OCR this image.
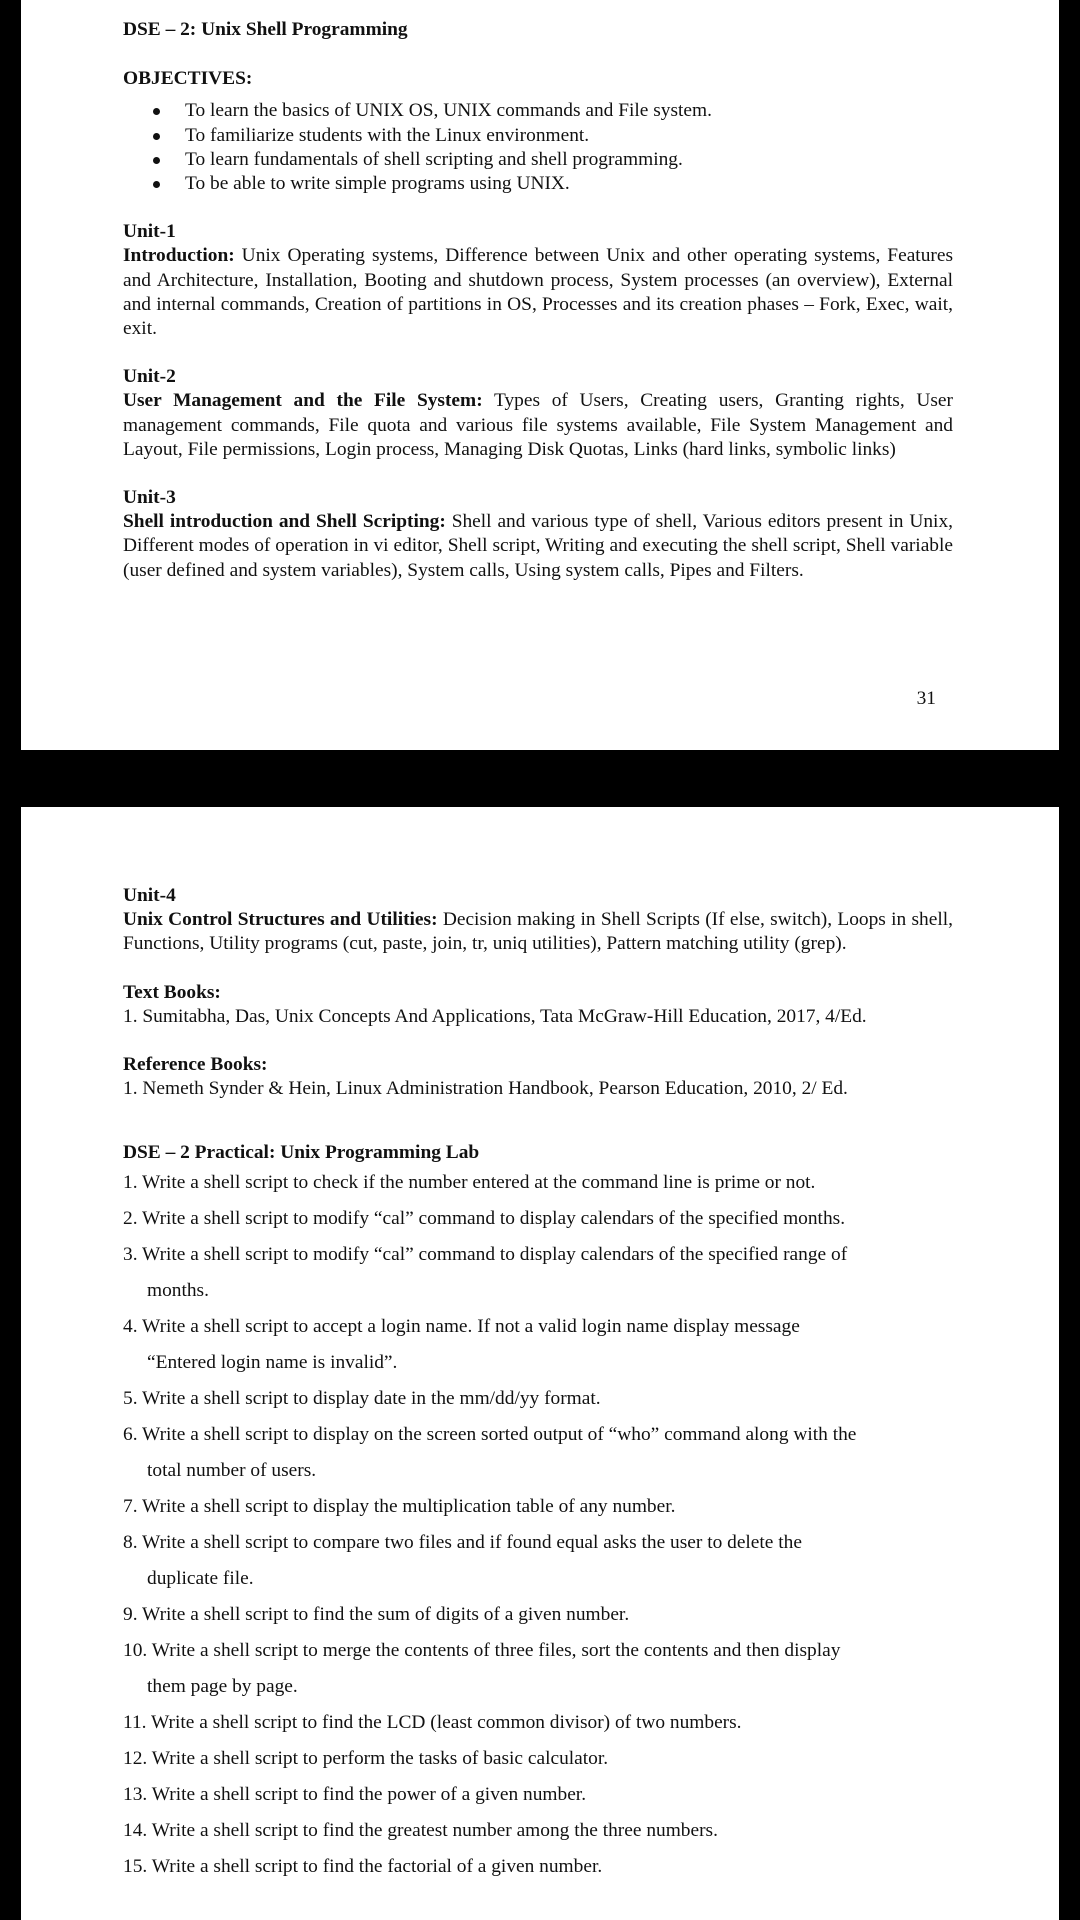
DSE – 2: Unix Shell Programming

OBJECTIVES:

To learn the basics of UNIX OS, UNIX commands and File system.
To familiarize students with the Linux environment.
To learn fundamentals of shell scripting and shell programming.
To be able to write simple programs using UNIX.
Unit-1

Introduction: Unix Operating systems, Difference between Unix and other operating systems, Features and Architecture, Installation, Booting and shutdown process, System processes (an overview), External and internal commands, Creation of partitions in OS, Processes and its creation phases – Fork, Exec, wait, exit.

Unit-2

User Management and the File System: Types of Users, Creating users, Granting rights, User management commands, File quota and various file systems available, File System Management and Layout, File permissions, Login process, Managing Disk Quotas, Links (hard links, symbolic links)

Unit-3

Shell introduction and Shell Scripting: Shell and various type of shell, Various editors present in Unix, Different modes of operation in vi editor, Shell script, Writing and executing the shell script, Shell variable (user defined and system variables), System calls, Using system calls, Pipes and Filters.

31
Unit-4

Unix Control Structures and Utilities: Decision making in Shell Scripts (If else, switch), Loops in shell, Functions, Utility programs (cut, paste, join, tr, uniq utilities), Pattern matching utility (grep).

Text Books:

1. Sumitabha, Das, Unix Concepts And Applications, Tata McGraw-Hill Education, 2017, 4/Ed.

Reference Books:

1. Nemeth Synder & Hein, Linux Administration Handbook, Pearson Education, 2010, 2/ Ed.

DSE – 2 Practical: Unix Programming Lab
1. Write a shell script to check if the number entered at the command line is prime or not.
2. Write a shell script to modify “cal” command to display calendars of the specified months.
3. Write a shell script to modify “cal” command to display calendars of the specified range of
months.
4. Write a shell script to accept a login name. If not a valid login name display message
“Entered login name is invalid”.
5. Write a shell script to display date in the mm/dd/yy format.
6. Write a shell script to display on the screen sorted output of “who” command along with the
total number of users.
7. Write a shell script to display the multiplication table of any number.
8. Write a shell script to compare two files and if found equal asks the user to delete the
duplicate file.
9. Write a shell script to find the sum of digits of a given number.
10. Write a shell script to merge the contents of three files, sort the contents and then display
them page by page.
11. Write a shell script to find the LCD (least common divisor) of two numbers.
12. Write a shell script to perform the tasks of basic calculator.
13. Write a shell script to find the power of a given number.
14. Write a shell script to find the greatest number among the three numbers.
15. Write a shell script to find the factorial of a given number.
